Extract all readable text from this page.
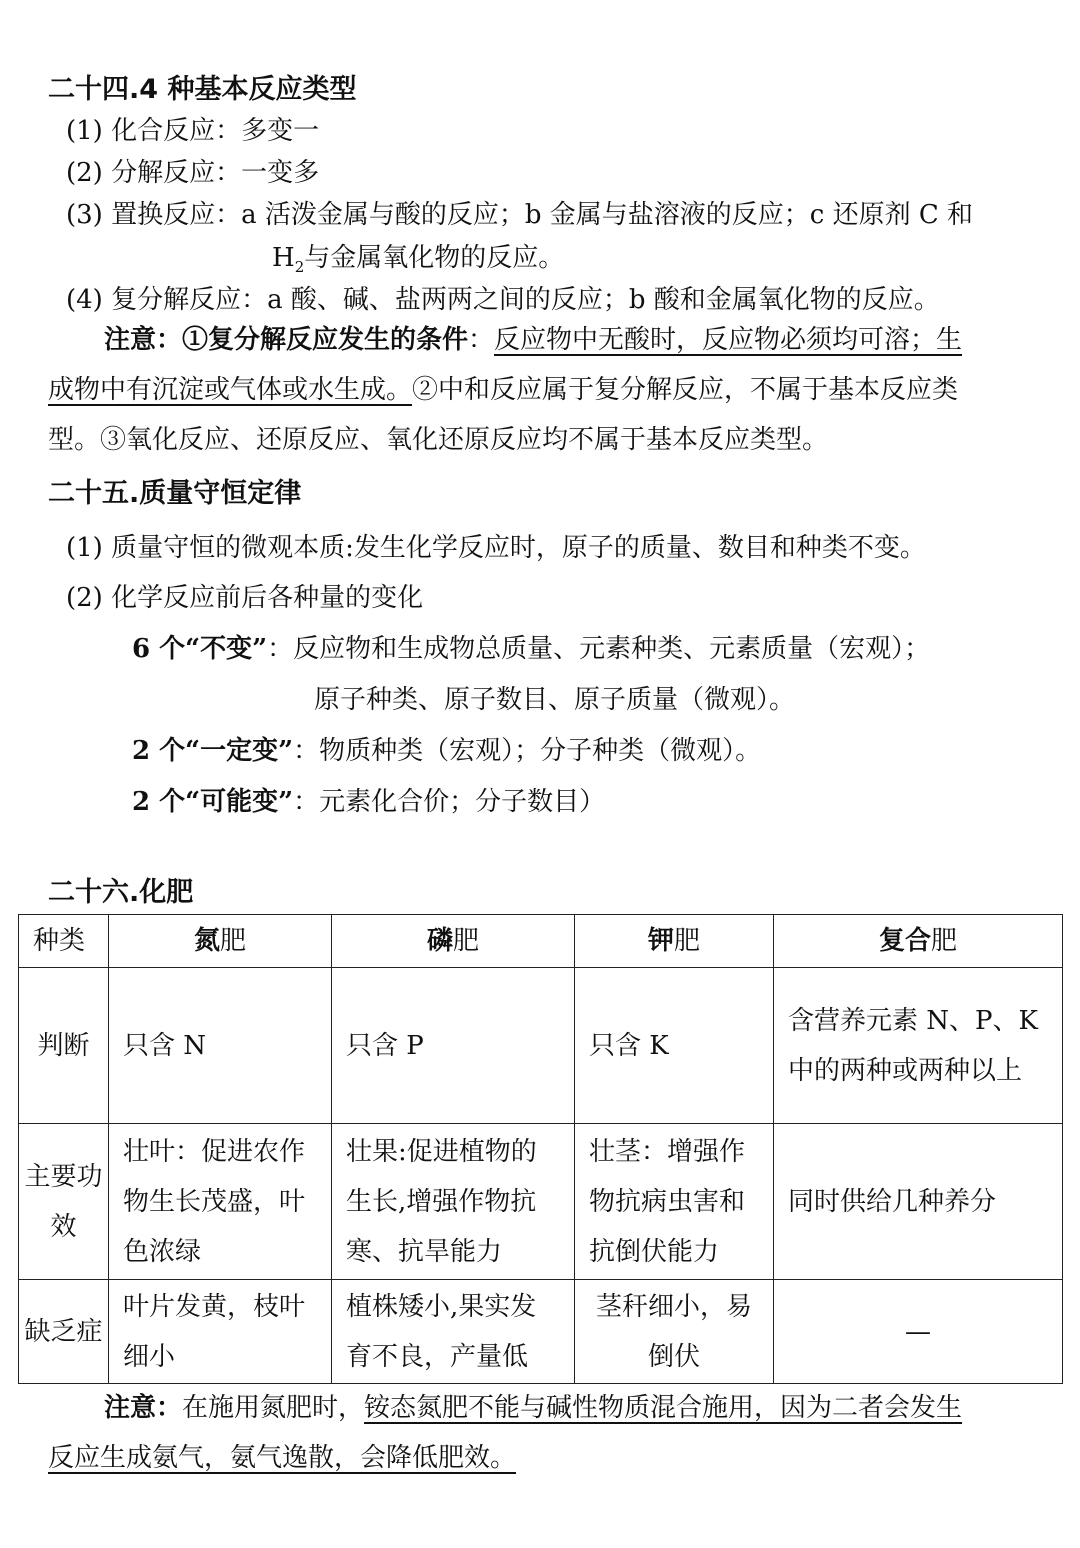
二十四.4 种基本反应类型
(1) 化合反应：多变一
(2) 分解反应：一变多
(3) 置换反应：a 活泼金属与酸的反应；b 金属与盐溶液的反应；c 还原剂 C 和
$H_2$与金属氧化物的反应。
(4) 复分解反应：a 酸、碱、盐两两之间的反应；b 酸和金属氧化物的反应。
注意：①复分解反应发生的条件：反应物中无酸时，反应物必须均可溶；生
成物中有沉淀或气体或水生成。②中和反应属于复分解反应，不属于基本反应类
型。③氧化反应、还原反应、氧化还原反应均不属于基本反应类型。
二十五.质量守恒定律
(1) 质量守恒的微观本质:发生化学反应时，原子的质量、数目和种类不变。
(2) 化学反应前后各种量的变化
6 个“不变”：反应物和生成物总质量、元素种类、元素质量（宏观）；
原子种类、原子数目、原子质量（微观）。
2 个“一定变”：物质种类（宏观）；分子种类（微观）。
2 个“可能变”：元素化合价；分子数目）
二十六.化肥
种类	氮肥	磷肥	钾肥	复合肥
判断	只含 N	只含 P	只含 K	含营养元素 N、P、K 中的两种或两种以上
主要功效	壮叶：促进农作物生长茂盛，叶色浓绿	壮果:促进植物的生长,增强作物抗寒、抗旱能力	壮茎：增强作物抗病虫害和抗倒伏能力	同时供给几种养分
缺乏症	叶片发黄，枝叶细小	植株矮小,果实发育不良，产量低	茎秆细小，易倒伏	—
注意：在施用氮肥时，铵态氮肥不能与碱性物质混合施用，因为二者会发生
反应生成氨气，氨气逸散，会降低肥效。
